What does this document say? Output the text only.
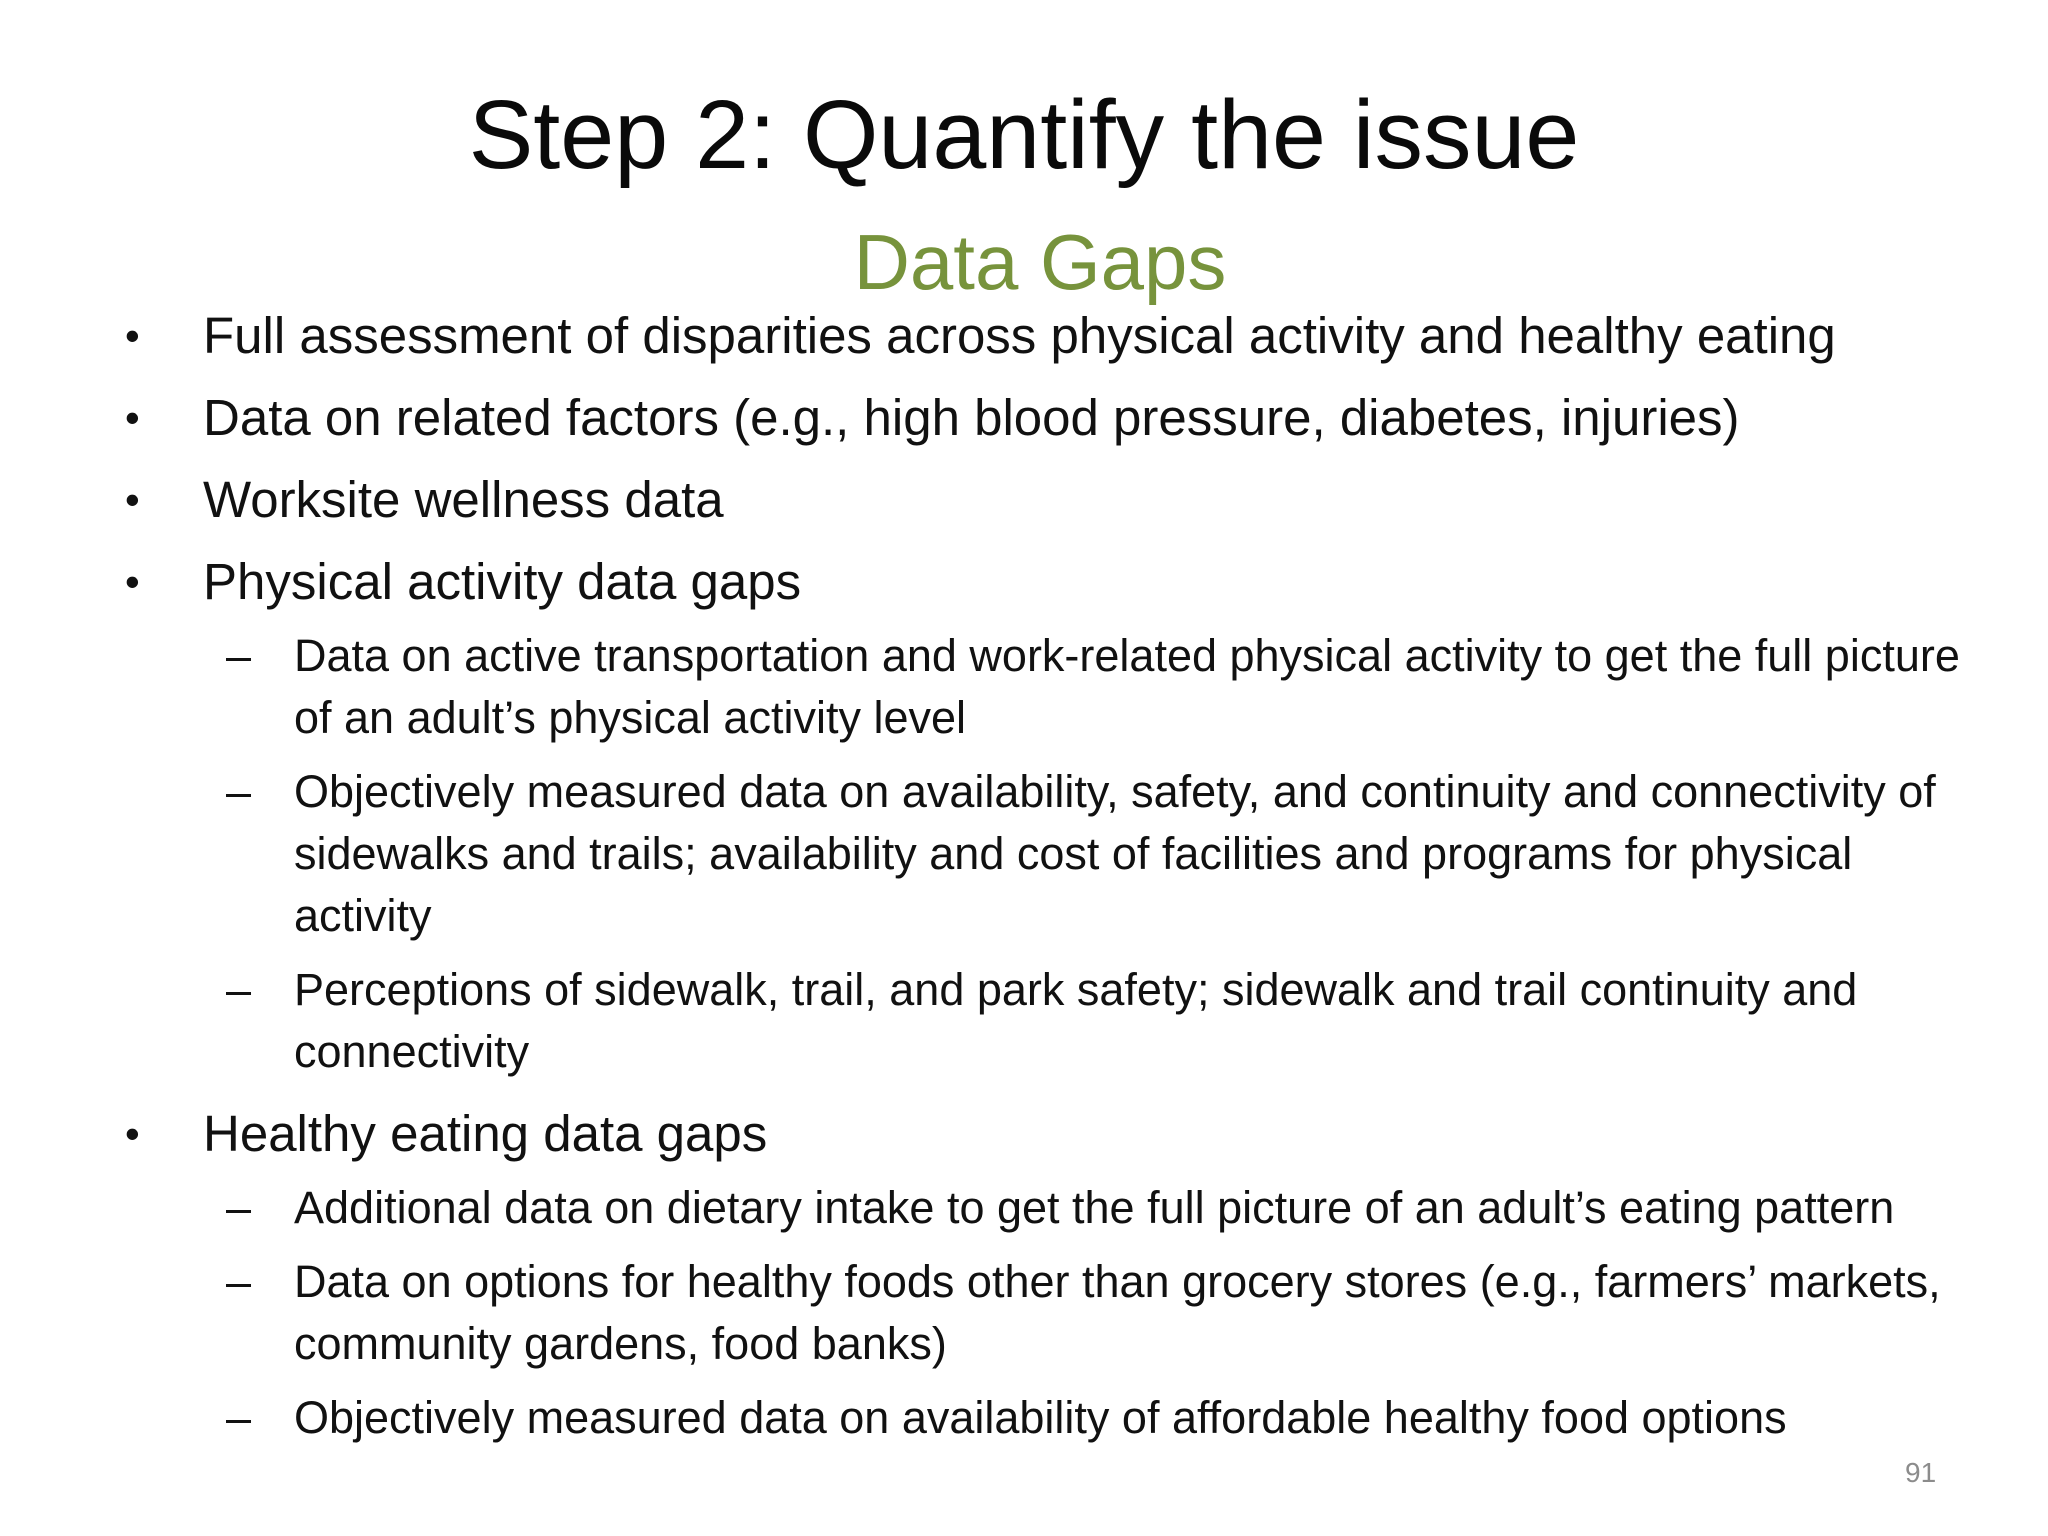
Step 2: Quantify the issue
Data Gaps
• Full assessment of disparities across physical activity and healthy eating
• Data on related factors (e.g., high blood pressure, diabetes, injuries)
• Worksite wellness data
• Physical activity data gaps
– Data on active transportation and work-related physical activity to get the full picture of an adult’s physical activity level
– Objectively measured data on availability, safety, and continuity and connectivity of sidewalks and trails; availability and cost of facilities and programs for physical activity
– Perceptions of sidewalk, trail, and park safety; sidewalk and trail continuity and connectivity
• Healthy eating data gaps
– Additional data on dietary intake to get the full picture of an adult’s eating pattern
– Data on options for healthy foods other than grocery stores (e.g., farmers’ markets, community gardens, food banks)
– Objectively measured data on availability of affordable healthy food options
91
